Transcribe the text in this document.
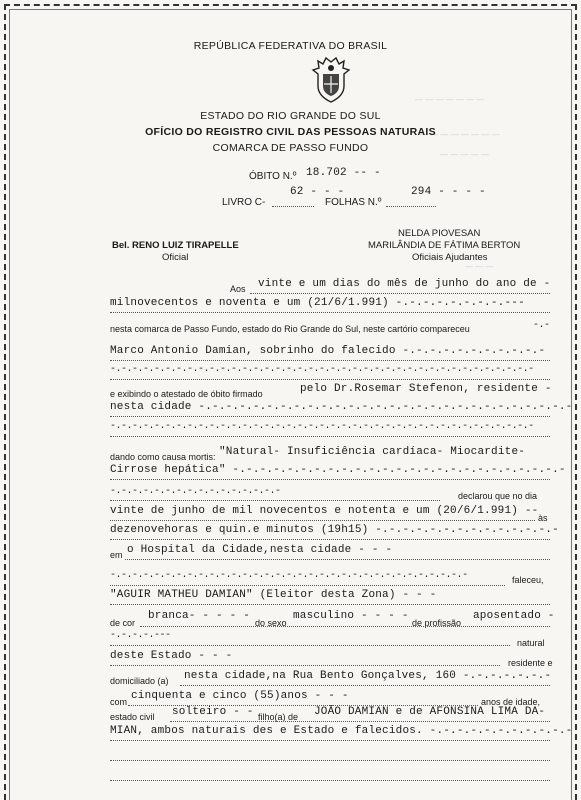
— — — — — — —
— — — — — — — —
— — — — —
— — —
REPÚBLICA FEDERATIVA DO BRASIL
ESTADO DO RIO GRANDE DO SUL
OFÍCIO DO REGISTRO CIVIL DAS PESSOAS NATURAIS
COMARCA DE PASSO FUNDO
ÓBITO N.º 18.702 -- -
62 - - -	294 - - - -
LIVRO C-	FOLHAS N.º
NELDA PIOVESAN
Bel. RENO LUIZ TIRAPELLE	MARILÂNDIA DE FÁTIMA BERTON
Oficial	Oficiais Ajudantes
Aos vinte e um dias do mês de junho do ano de -
milnovecentos e noventa e um (21/6/1.991) -.-.-.-.-.-.-.-.---
nesta comarca de Passo Fundo, estado do Rio Grande do Sul, neste cartório compareceu	-.-
Marco Antonio Damian, sobrinho do falecido -.-.-.-.-.-.-.-.-.-.-
-.-.-.-.-.-.-.-.-.-.-.-.-.-.-.-.-.-.-.-.-.-.-.-.-.-.-.-.-.-.-.-.-.-.-.-.-.-.-
e exibindo o atestado de óbito firmado	pelo Dr.Rosemar Stefenon, residente -
nesta cidade -.-.-.-.-.-.-.-.-.-.-.-.-.-.-.-.-.-.-.-.-.-.-.-.-.-.-.-
-.-.-.-.-.-.-.-.-.-.-.-.-.-.-.-.-.-.-.-.-.-.-.-.-.-.-.-.-.-.-.-.-.-.-.-.-.-.-
dando como causa mortis: "Natural- Insuficiência cardíaca- Miocardite-
Cirrose hepática" -.-.-.-.-.-.-.-.-.-.-.-.-.-.-.-.-.-.-.-.-.-.-.-.-
-.-.-.-.-.-.-.-.-.-.-.-.-.-.-.-	declarou que no dia
vinte de junho de mil novecentos e notenta e um (20/6/1.991) --
às
dezenovehoras e quin.e minutos (19h15) -.-.-.-.-.-.-.-.-.-.-.-.-.-
em o Hospital da Cidade,nesta cidade - - -
-.-.-.-.-.-.-.-.-.-.-.-.-.-.-.-.-.-.-.-.-.-.-.-.-.-.-.-.-.-.-.-.-	faleceu,
"AGUIR MATHEU DAMIAN" (Eleitor desta Zona) - - -
de cor
branca- - - - -
do sexo
masculino - - - -
de profissão
aposentado -
-.-.-.-.---
natural
deste Estado - - -
residente e
domiciliado (a) nesta cidade,na Rua Bento Gonçalves, 160 -.-.-.-.-.-.-
com cinquenta e cinco (55)anos - - -	anos de idade,
estado civil solteiro - - filho(a) de JOÃO DAMIAN e de AFONSINA LIMA DA-
MIAN, ambos naturais des e Estado e falecidos. -.-.-.-.-.-.-.-.-.-.-
